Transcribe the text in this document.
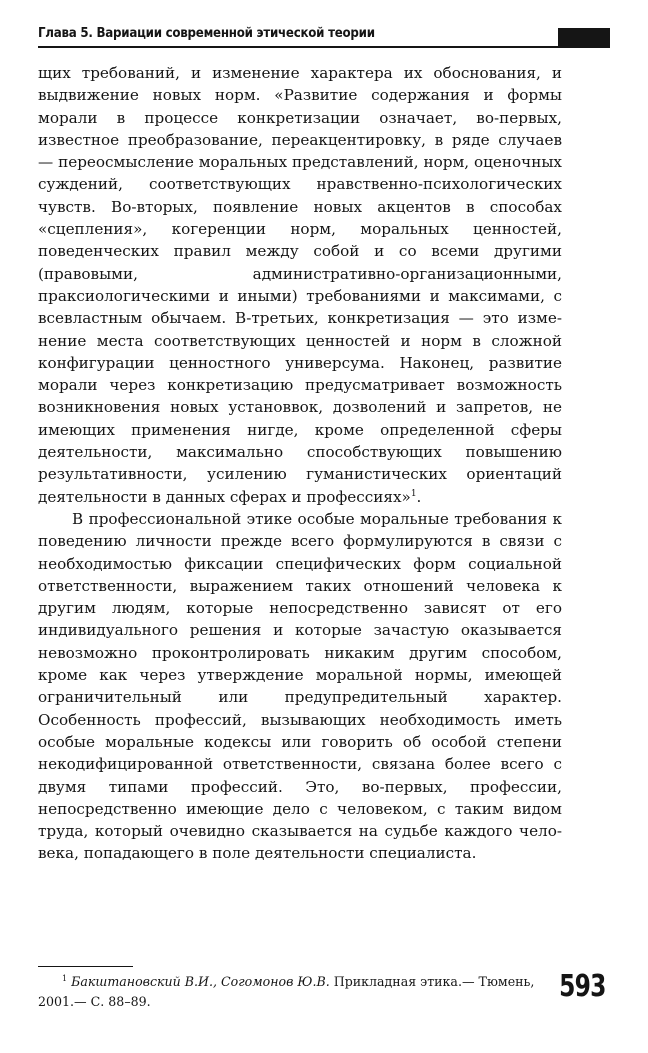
Глава 5. Вариации современной этической теории

щих требований, и изменение характера их обоснования, и выдвижение новых норм. «Развитие содержания и формы морали в процессе конкретизации означает, во-первых, известное преобразование, переакцентировку, в ряде случаев — переосмысление моральных представлений, норм, оценочных суждений, соответствующих нравственно-психологических чувств. Во-вторых, появление новых акцентов в способах «сцепления», когеренции норм, моральных ценностей, поведенческих правил между собой и со всеми другими (правовыми, административно-организационными, праксиологическими и иными) требованиями и максимами, с всевластным обычаем. В-третьих, конкретизация — это изменение места соответствующих ценностей и норм в сложной конфигурации ценностного универсума. Наконец, развитие морали через конкретизацию предусматривает возможность возникновения новых установвок, дозволений и запретов, не имеющих применения нигде, кроме определенной сферы деятельности, максимально способствующих повышению результативности, усилению гуманистических ориентаций деятельности в данных сферах и профессиях»$^1$.

В профессиональной этике особые моральные требования к поведению личности прежде всего формулируются в связи с необходимостью фиксации специфических форм социальной ответственности, выражением таких отношений человека к другим людям, которые непосредственно зависят от его индивидуального решения и которые зачастую оказывается невозможно проконтролировать никаким другим способом, кроме как через утверждение моральной нормы, имеющей ограничительный или предупредительный характер. Особенность профессий, вызывающих необходимость иметь особые моральные кодексы или говорить об особой степени некодифицированной ответственности, связана более всего с двумя типами профессий. Это, во-первых, профессии, непосредственно имеющие дело с человеком, с таким видом труда, который очевидно сказывается на судьбе каждого человека, попадающего в поле деятельности специалиста.

$^1$ Бакштановский В.И., Согомонов Ю.В. Прикладная этика.— Тюмень, 2001.— С. 88–89.	593
